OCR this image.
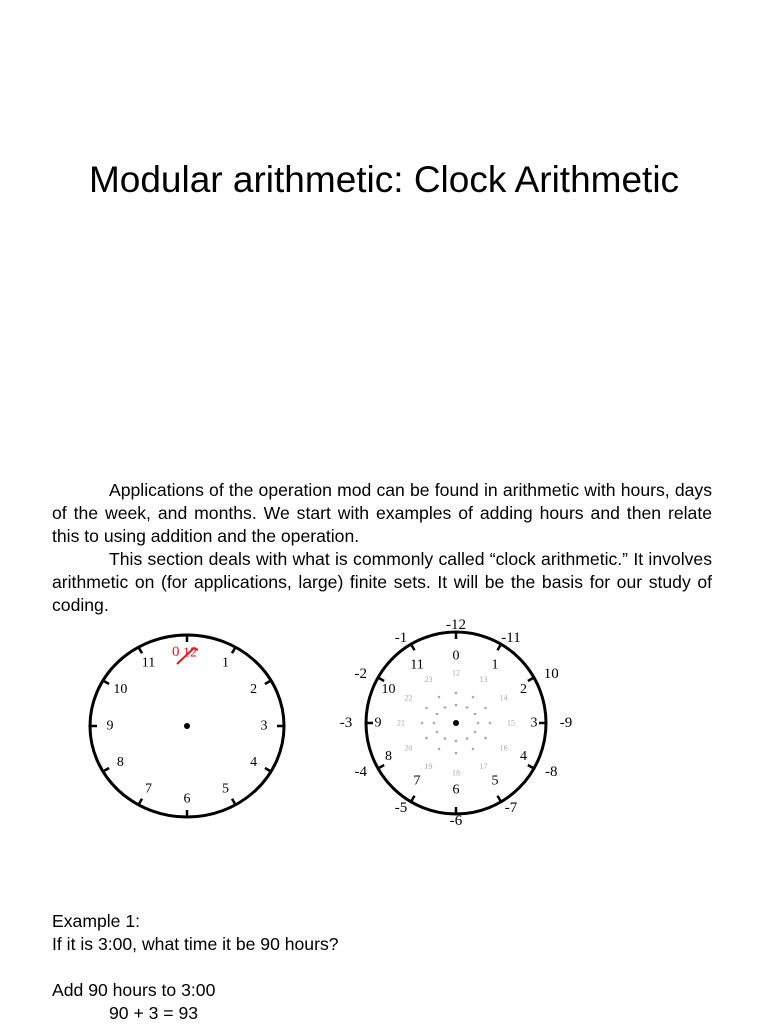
Modular arithmetic: Clock Arithmetic

Applications of the operation mod can be found in arithmetic with hours, days of the week, and months. We start with examples of adding hours and then relate this to using addition and the operation.

This section deals with what is commonly called “clock arithmetic.” It involves arithmetic on (for applications, large) finite sets. It will be the basis for our study of coding.

1
2
3
4
5
6
7
8
9
10
11
12
0	0
1
2
3
4
5
6
7
8
9
10
11
12
13
14
15
16
17
18
19
20
21
22
23
-12
-11
10
-9
-8
-7
-6
-5
-4
-3
-2
-1

Example 1:

If it is 3:00, what time it be 90 hours?

Add 90 hours to 3:00

90 + 3 = 93
